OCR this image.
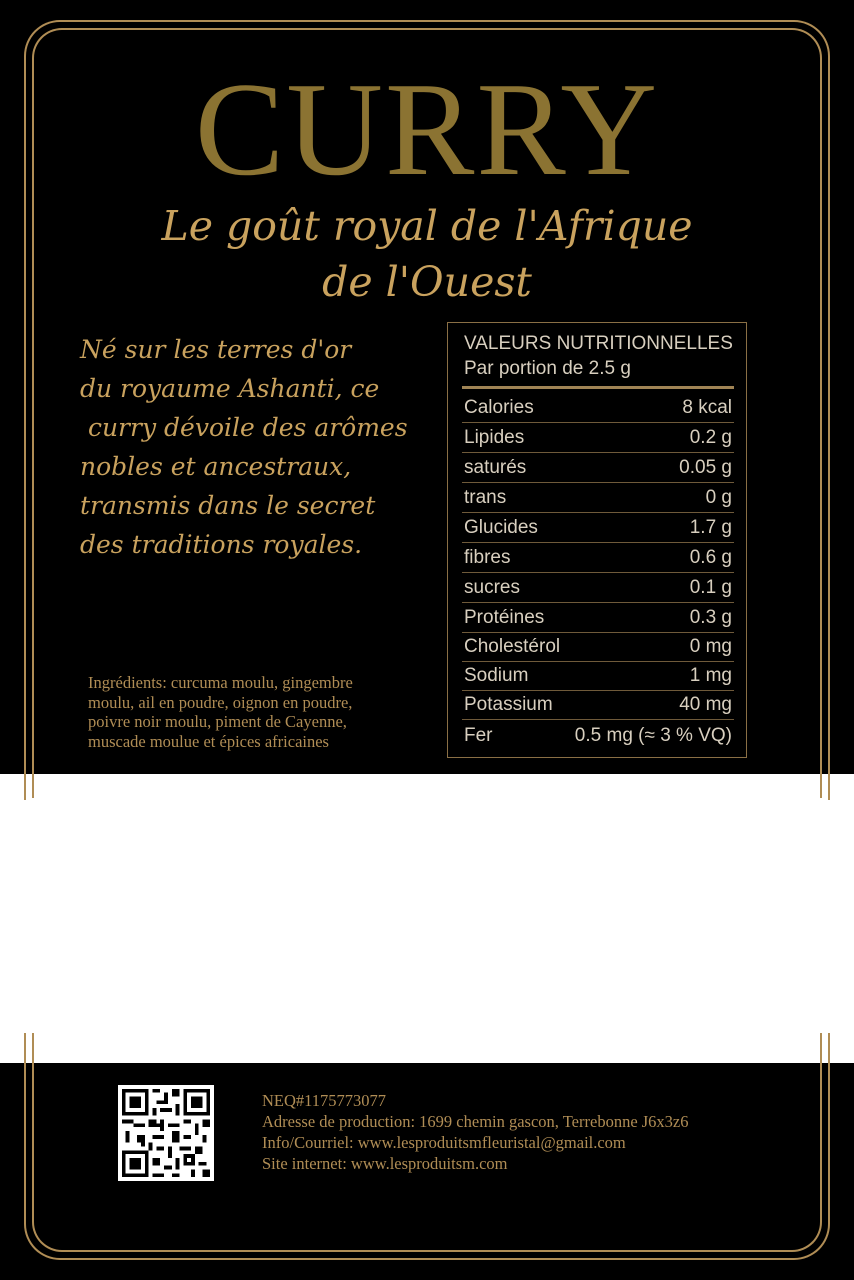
CURRY
Le goût royal de l'Afrique
de l'Ouest
Né sur les terres d'or
du royaume Ashanti, ce
curry dévoile des arômes
nobles et ancestraux,
transmis dans le secret
des traditions royales.
Ingrédients: curcuma moulu, gingembre
moulu, ail en poudre, oignon en poudre,
poivre noir moulu, piment de Cayenne,
muscade moulue et épices africaines
VALEURS NUTRITIONNELLES
Par portion de 2.5 g
Calories	8 kcal
Lipides	0.2 g
saturés	0.05 g
trans	0 g
Glucides	1.7 g
fibres	0.6 g
sucres	0.1 g
Protéines	0.3 g
Cholestérol	0 mg
Sodium	1 mg
Potassium	40 mg
Fer	0.5 mg (≈ 3 % VQ)
NEQ#1175773077
Adresse de production: 1699 chemin gascon, Terrebonne J6x3z6
Info/Courriel: www.lesproduitsmfleuristal@gmail.com
Site internet: www.lesproduitsm.com
